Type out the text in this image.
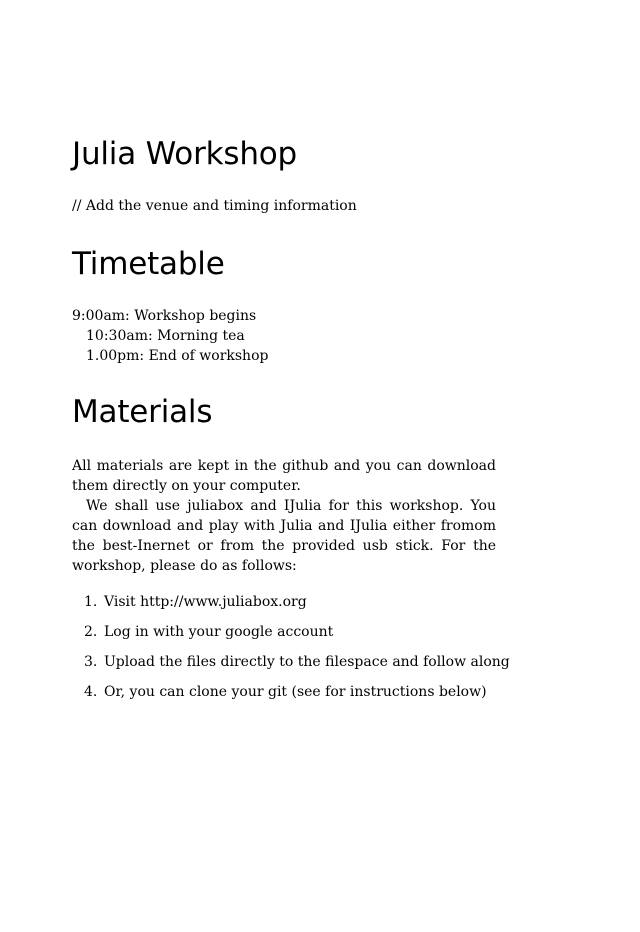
Julia Workshop
// Add the venue and timing information
Timetable
9:00am: Workshop begins
10:30am: Morning tea
1.00pm: End of workshop
Materials
All materials are kept in the github and you can download them directly on your computer.
We shall use juliabox and IJulia for this workshop. You can download and play with Julia and IJulia either fromom the best-Inernet or from the provided usb stick. For the workshop, please do as follows:
1. Visit http://www.juliabox.org
2. Log in with your google account
3. Upload the files directly to the filespace and follow along
4. Or, you can clone your git (see for instructions below)
